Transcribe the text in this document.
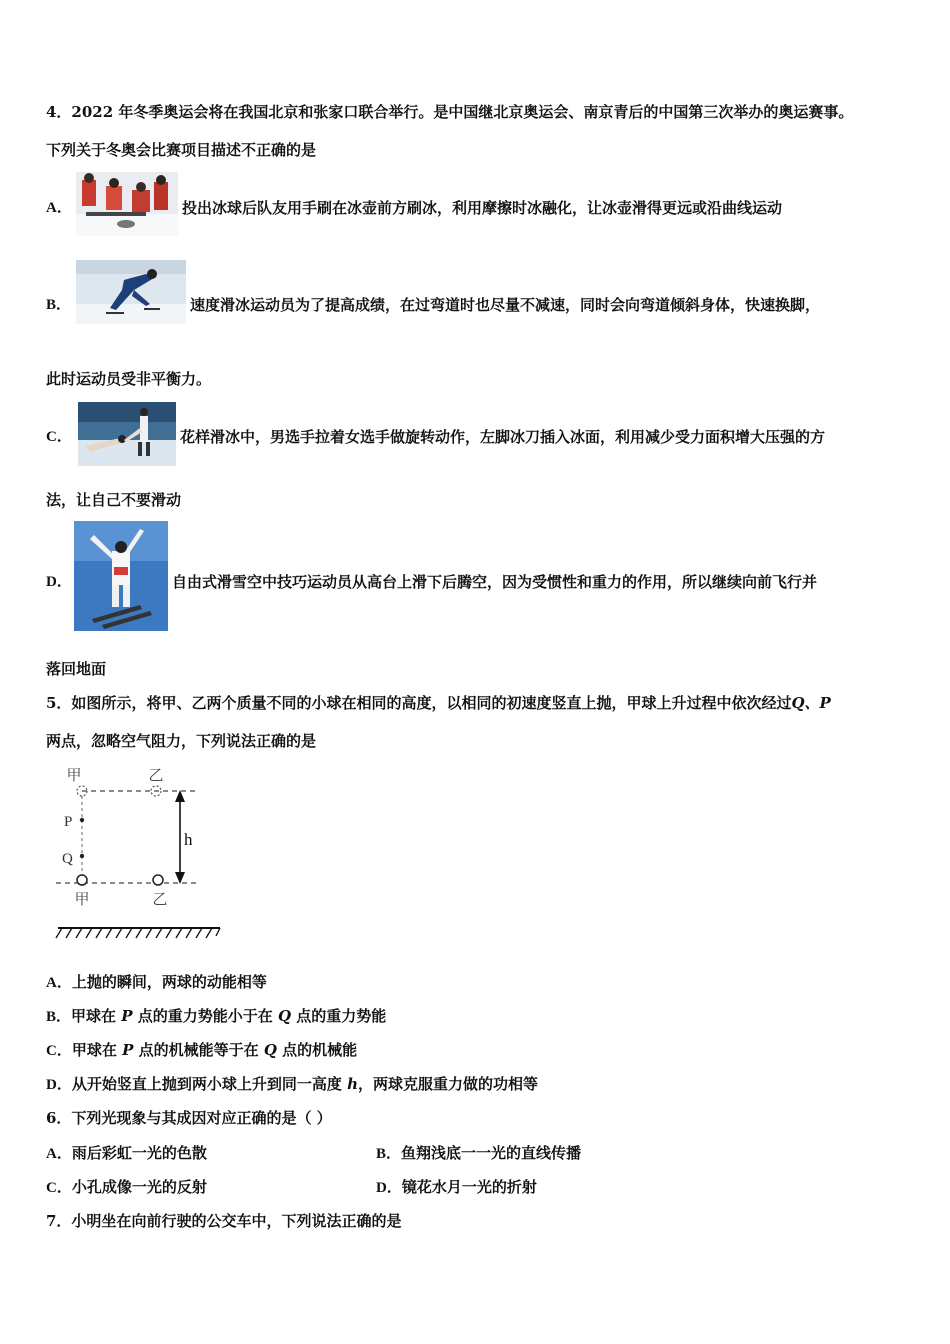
4．2022 年冬季奥运会将在我国北京和张家口联合举行。是中国继北京奥运会、南京青后的中国第三次举办的奥运赛事。
下列关于冬奥会比赛项目描述不正确的是
A．	投出冰球后队友用手刷在冰壶前方刷冰，利用摩擦时冰融化，让冰壶滑得更远或沿曲线运动
B．	速度滑冰运动员为了提高成绩，在过弯道时也尽量不减速，同时会向弯道倾斜身体，快速换脚，
此时运动员受非平衡力。
C．	花样滑冰中，男选手拉着女选手做旋转动作，左脚冰刀插入冰面，利用减少受力面积增大压强的方
法，让自己不要滑动
D．	自由式滑雪空中技巧运动员从高台上滑下后腾空，因为受惯性和重力的作用，所以继续向前飞行并
落回地面
5．如图所示，将甲、乙两个质量不同的小球在相同的高度，以相同的初速度竖直上抛，甲球上升过程中依次经过Q、P
两点，忽略空气阻力，下列说法正确的是
甲	乙
P
Q
h
甲	乙
A．上抛的瞬间，两球的动能相等
B．甲球在 P 点的重力势能小于在 Q 点的重力势能
C．甲球在 P 点的机械能等于在 Q 点的机械能
D．从开始竖直上抛到两小球上升到同一高度 h，两球克服重力做的功相等
6．下列光现象与其成因对应正确的是（ ）
A．雨后彩虹一光的色散	B．鱼翔浅底一一光的直线传播
C．小孔成像一光的反射	D．镜花水月一光的折射
7．小明坐在向前行驶的公交车中，下列说法正确的是
